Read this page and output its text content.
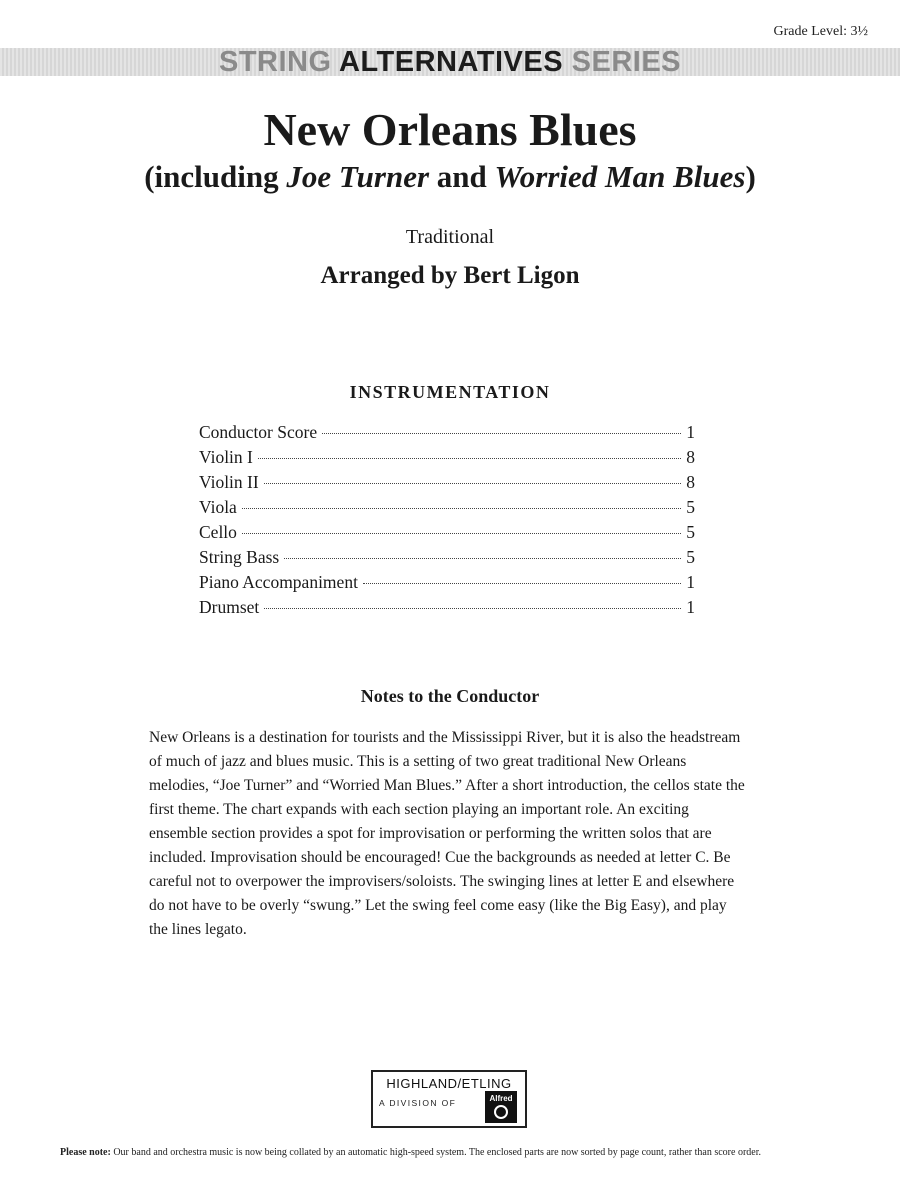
Grade Level: 3½
STRING ALTERNATIVES SERIES
New Orleans Blues
(including Joe Turner and Worried Man Blues)
Traditional
Arranged by Bert Ligon
INSTRUMENTATION
Conductor Score	1
Violin I	8
Violin II	8
Viola	5
Cello	5
String Bass	5
Piano Accompaniment	1
Drumset	1
Notes to the Conductor
New Orleans is a destination for tourists and the Mississippi River, but it is also the headstream of much of jazz and blues music. This is a setting of two great traditional New Orleans melodies, “Joe Turner” and “Worried Man Blues.” After a short introduction, the cellos state the first theme. The chart expands with each section playing an important role. An exciting ensemble section provides a spot for improvisation or performing the written solos that are included. Improvisation should be encouraged! Cue the backgrounds as needed at letter C. Be careful not to overpower the improvisers/soloists. The swinging lines at letter E and elsewhere do not have to be overly “swung.” Let the swing feel come easy (like the Big Easy), and play the lines legato.
HIGHLAND/ETLING
A DIVISION OF	Alfred
Please note: Our band and orchestra music is now being collated by an automatic high-speed system. The enclosed parts are now sorted by page count, rather than score order.
